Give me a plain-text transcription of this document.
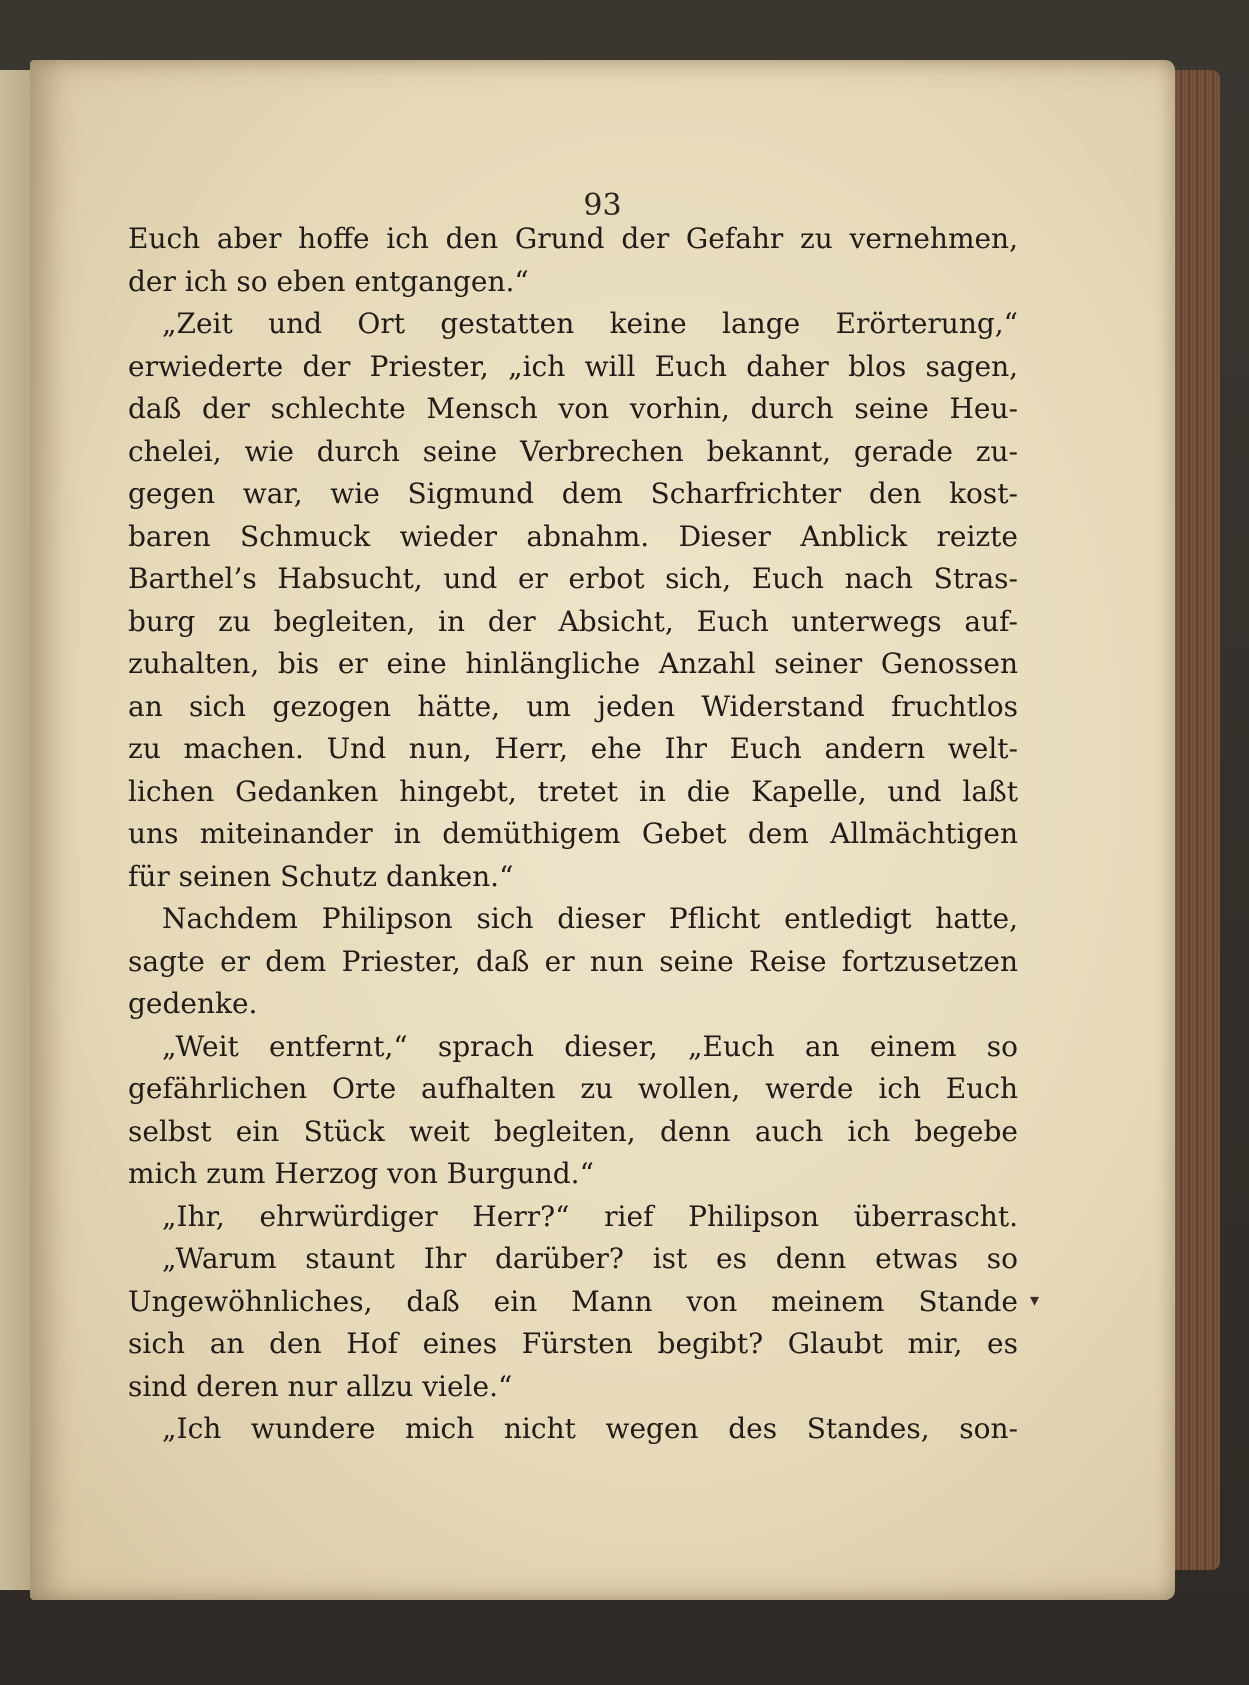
93
Euch aber hoffe ich den Grund der Gefahr zu vernehmen,
der ich so eben entgangen.“
„Zeit und Ort gestatten keine lange Erörterung,“
erwiederte der Priester, „ich will Euch daher blos sagen,
daß der schlechte Mensch von vorhin, durch seine Heu-
chelei, wie durch seine Verbrechen bekannt, gerade zu-
gegen war, wie Sigmund dem Scharfrichter den kost-
baren Schmuck wieder abnahm. Dieser Anblick reizte
Barthel’s Habsucht, und er erbot sich, Euch nach Stras-
burg zu begleiten, in der Absicht, Euch unterwegs auf-
zuhalten, bis er eine hinlängliche Anzahl seiner Genossen
an sich gezogen hätte, um jeden Widerstand fruchtlos
zu machen. Und nun, Herr, ehe Ihr Euch andern welt-
lichen Gedanken hingebt, tretet in die Kapelle, und laßt
uns miteinander in demüthigem Gebet dem Allmächtigen
für seinen Schutz danken.“
Nachdem Philipson sich dieser Pflicht entledigt hatte,
sagte er dem Priester, daß er nun seine Reise fortzusetzen
gedenke.
„Weit entfernt,“ sprach dieser, „Euch an einem so
gefährlichen Orte aufhalten zu wollen, werde ich Euch
selbst ein Stück weit begleiten, denn auch ich begebe
mich zum Herzog von Burgund.“
„Ihr, ehrwürdiger Herr?“ rief Philipson überrascht.
„Warum staunt Ihr darüber? ist es denn etwas so
Ungewöhnliches, daß ein Mann von meinem Stande
sich an den Hof eines Fürsten begibt? Glaubt mir, es
sind deren nur allzu viele.“
„Ich wundere mich nicht wegen des Standes, son-
▾
